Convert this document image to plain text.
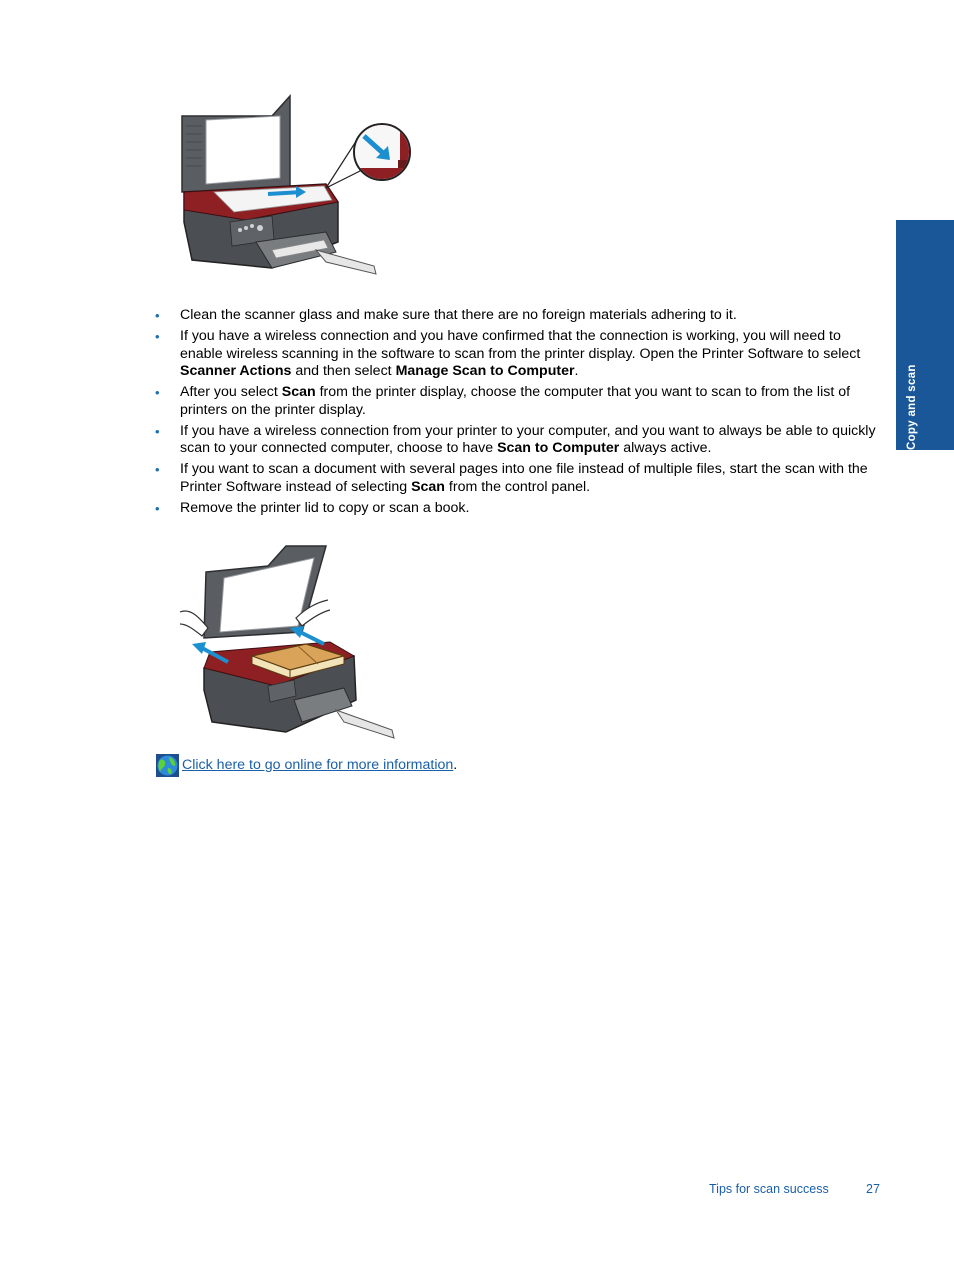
• Clean the scanner glass and make sure that there are no foreign materials adhering to it.
• If you have a wireless connection and you have confirmed that the connection is working, you will need to enable wireless scanning in the software to scan from the printer display. Open the Printer Software to select Scanner Actions and then select Manage Scan to Computer.
• After you select Scan from the printer display, choose the computer that you want to scan to from the list of printers on the printer display.
• If you have a wireless connection from your printer to your computer, and you want to always be able to quickly scan to your connected computer, choose to have Scan to Computer always active.
• If you want to scan a document with several pages into one file instead of multiple files, start the scan with the Printer Software instead of selecting Scan from the control panel.
• Remove the printer lid to copy or scan a book.
Click here to go online for more information .
Copy and scan
Tips for scan success	27
